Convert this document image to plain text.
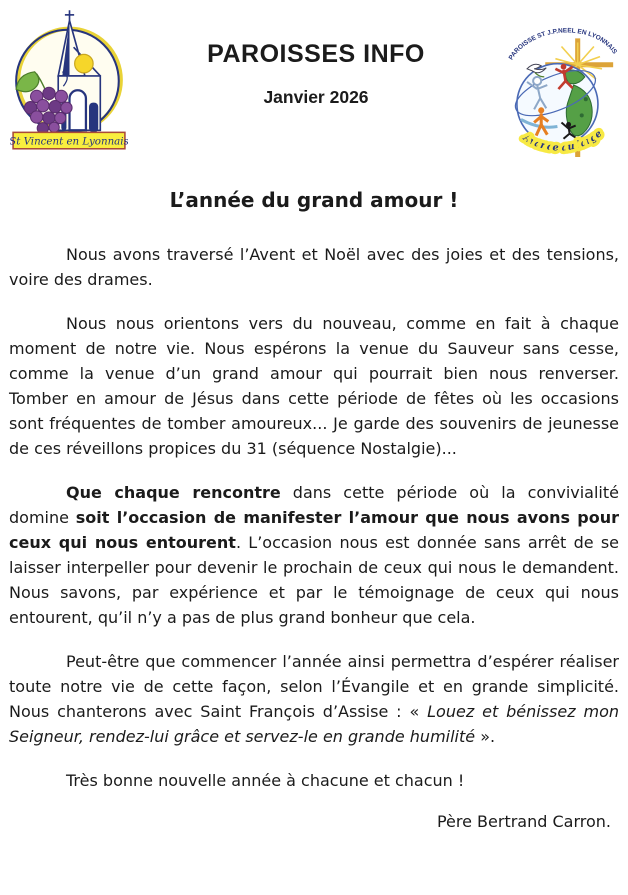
St Vincent en Lyonnais
PAROISSES INFO
Janvier 2026
PAROISSE ST J.P.NEEL EN LYONNAIS
Avance au large
L’année du grand amour !

Nous avons traversé l’Avent et Noël avec des joies et des tensions, voire des drames.

Nous nous orientons vers du nouveau, comme en fait à chaque moment de notre vie. Nous espérons la venue du Sauveur sans cesse, comme la venue d’un grand amour qui pourrait bien nous renverser. Tomber en amour de Jésus dans cette période de fêtes où les occasions sont fréquentes de tomber amoureux... Je garde des souvenirs de jeunesse de ces réveillons propices du 31 (séquence Nostalgie)...

Que chaque rencontre dans cette période où la convivialité domine soit l’occasion de manifester l’amour que nous avons pour ceux qui nous entourent. L’occasion nous est donnée sans arrêt de se laisser interpeller pour devenir le prochain de ceux qui nous le demandent. Nous savons, par expérience et par le témoignage de ceux qui nous entourent, qu’il n’y a pas de plus grand bonheur que cela.

Peut-être que commencer l’année ainsi permettra d’espérer réaliser toute notre vie de cette façon, selon l’Évangile et en grande simplicité. Nous chanterons avec Saint François d’Assise : « Louez et bénissez mon Seigneur, rendez-lui grâce et servez-le en grande humilité ».

Très bonne nouvelle année à chacune et chacun !

Père Bertrand Carron.
